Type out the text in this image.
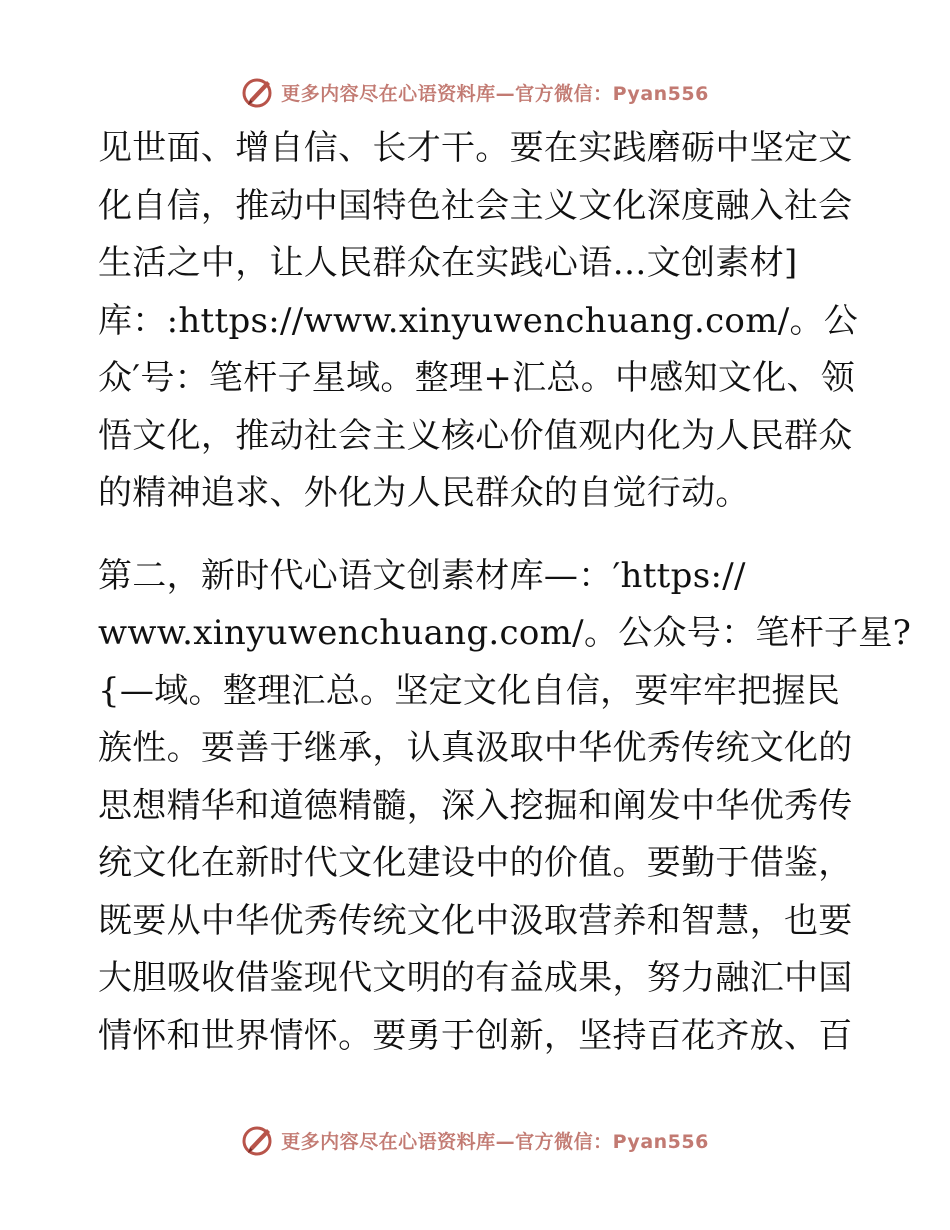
更多内容尽在心语资料库—官方微信：Pyan556
见世面、增自信、长才干。要在实践磨砺中坚定文
化自信，推动中国特色社会主义文化深度融入社会
生活之中，让人民群众在实践心语…文创素材]
库：:https://www.xinyuwenchuang.com/。公
众′号：笔杆子星域。整理+汇总。中感知文化、领
悟文化，推动社会主义核心价值观内化为人民群众
的精神追求、外化为人民群众的自觉行动。
第二，新时代心语文创素材库—：′https://
www.xinyuwenchuang.com/。公众号：笔杆子星?
{—域。整理汇总。坚定文化自信，要牢牢把握民
族性。要善于继承，认真汲取中华优秀传统文化的
思想精华和道德精髓，深入挖掘和阐发中华优秀传
统文化在新时代文化建设中的价值。要勤于借鉴，
既要从中华优秀传统文化中汲取营养和智慧，也要
大胆吸收借鉴现代文明的有益成果，努力融汇中国
情怀和世界情怀。要勇于创新，坚持百花齐放、百
更多内容尽在心语资料库—官方微信：Pyan556
